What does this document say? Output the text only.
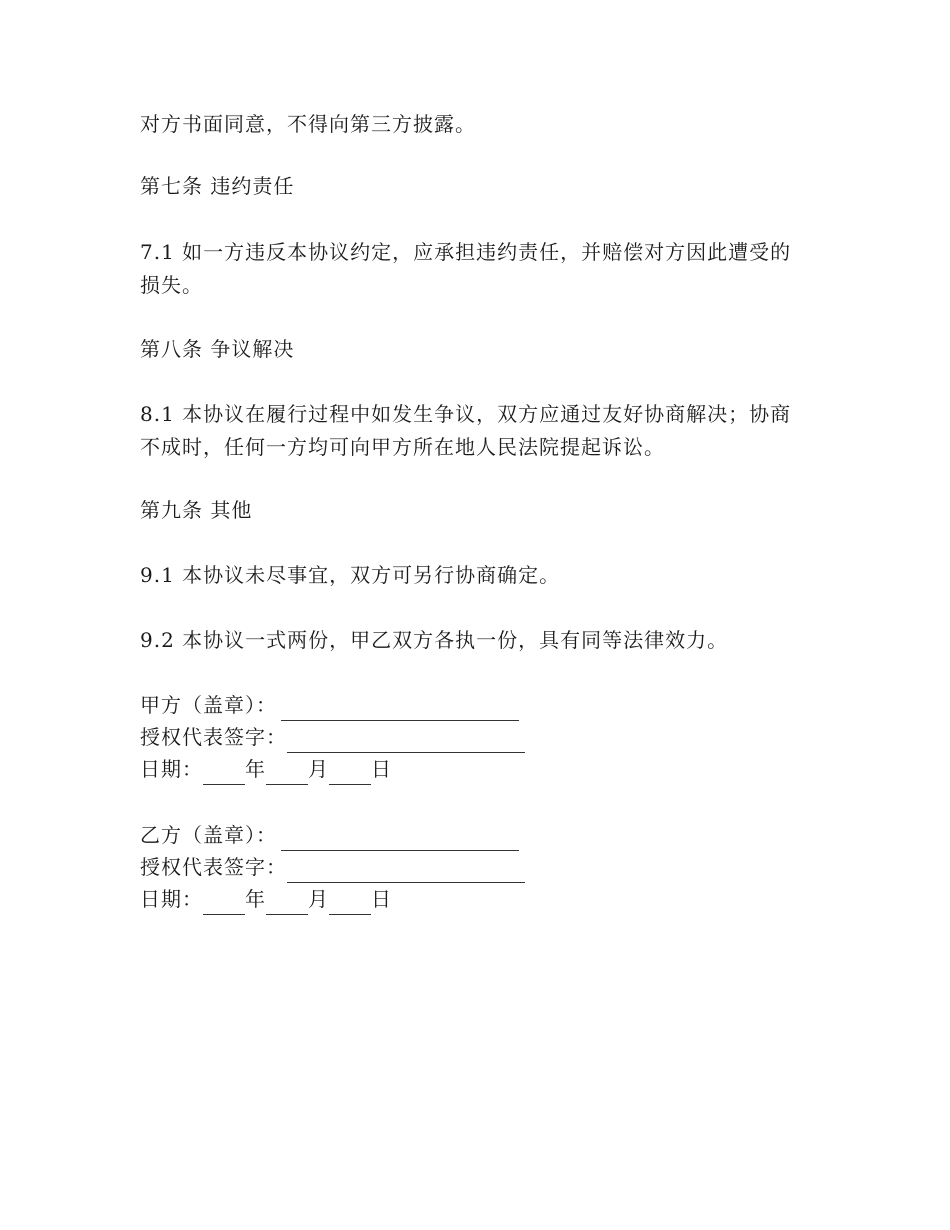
对方书面同意，不得向第三方披露。
第七条 违约责任
7.1 如一方违反本协议约定，应承担违约责任，并赔偿对方因此遭受的损失。
第八条 争议解决
8.1 本协议在履行过程中如发生争议，双方应通过友好协商解决；协商不成时，任何一方均可向甲方所在地人民法院提起诉讼。
第九条 其他
9.1 本协议未尽事宜，双方可另行协商确定。
9.2 本协议一式两份，甲乙双方各执一份，具有同等法律效力。
甲方（盖章）：
授权代表签字：
日期： 年 月 日
乙方（盖章）：
授权代表签字：
日期： 年 月 日
